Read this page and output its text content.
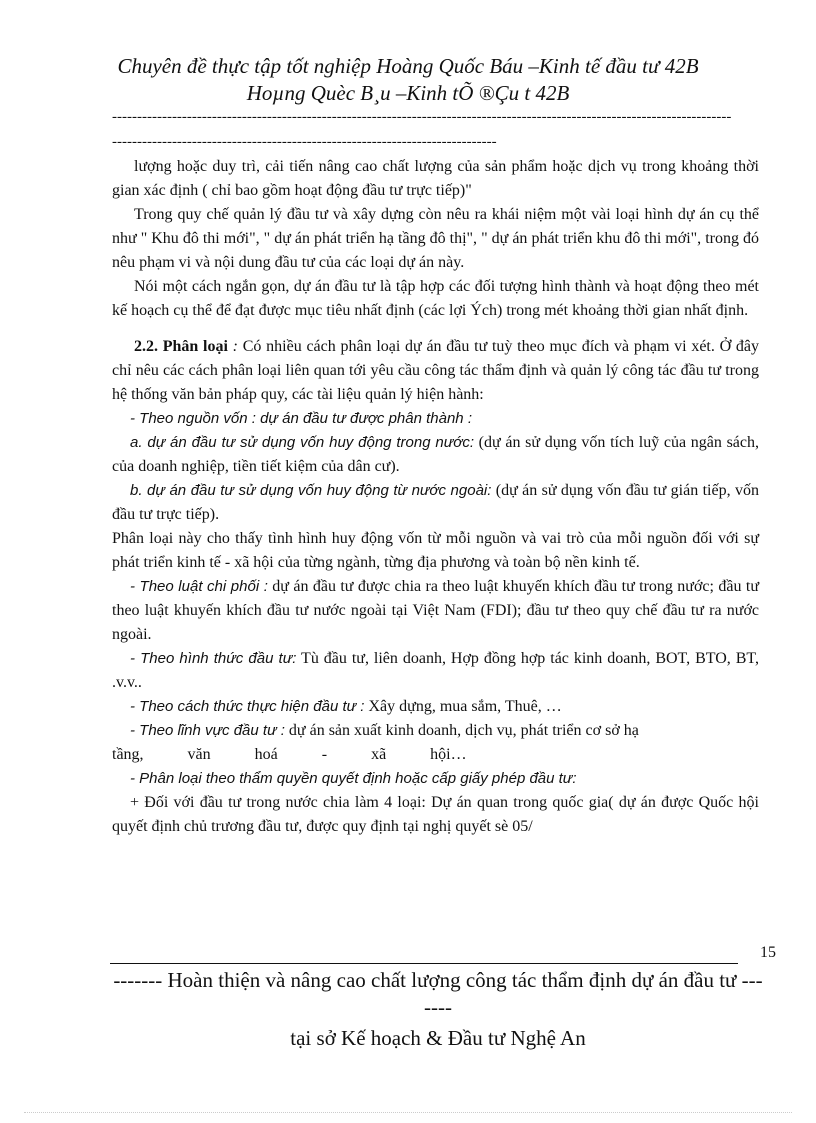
Chuyên đề thực tập tốt nghiệp Hoàng Quốc Báu –Kinh tế đầu tư 42B
Hoµng Quèc B¸u –Kinh tÕ ®Çu t 42B
----------------------------------------------------------------------------------------------------------------------------
-----------------------------------------------------------------------------

lượng hoặc duy trì, cải tiến nâng cao chất lượng của sản phẩm hoặc dịch vụ trong khoảng thời gian xác định ( chỉ bao gồm hoạt động đầu tư trực tiếp)"

Trong quy chế quản lý đầu tư và xây dựng còn nêu ra khái niệm một vài loại hình dự án cụ thể như " Khu đô thi mới", " dự án phát triển hạ tầng đô thị", " dự án phát triển khu đô thi mới", trong đó nêu phạm vi và nội dung đầu tư của các loại dự án này.

Nói một cách ngắn gọn, dự án đầu tư là tập hợp các đối tượng hình thành và hoạt động theo mét kế hoạch cụ thể để đạt được mục tiêu nhất định (các lợi Ých) trong mét khoảng thời gian nhất định.

2.2. Phân loại : Có nhiều cách phân loại dự án đầu tư tuỳ theo mục đích và phạm vi xét. Ở đây chỉ nêu các cách phân loại liên quan tới yêu cầu công tác thẩm định và quản lý công tác đầu tư trong hệ thống văn bản pháp quy, các tài liệu quản lý hiện hành:

- Theo nguồn vốn : dự án đầu tư được phân thành :

a. dự án đầu tư sử dụng vốn huy động trong nước: (dự án sử dụng vốn tích luỹ của ngân sách, của doanh nghiệp, tiền tiết kiệm của dân cư).

b. dự án đầu tư sử dụng vốn huy động từ nước ngoài: (dự án sử dụng vốn đầu tư gián tiếp, vốn đầu tư trực tiếp).

Phân loại này cho thấy tình hình huy động vốn từ mỗi nguồn và vai trò của mỗi nguồn đối với sự phát triển kinh tế - xã hội của từng ngành, từng địa phương và toàn bộ nền kinh tế.

- Theo luật chi phối : dự án đầu tư được chia ra theo luật khuyến khích đầu tư trong nước; đầu tư theo luật khuyến khích đầu tư nước ngoài tại Việt Nam (FDI); đầu tư theo quy chế đầu tư ra nước ngoài.

- Theo hình thức đầu tư: Tù đầu tư, liên doanh, Hợp đồng hợp tác kinh doanh, BOT, BTO, BT, .v.v..

- Theo cách thức thực hiện đầu tư : Xây dựng, mua sắm, Thuê, …

- Theo lĩnh vực đầu tư : dự án sản xuất kinh doanh, dịch vụ, phát triển cơ sở hạ

tầng,           văn           hoá           -           xã           hội…

- Phân loại theo thẩm quyền quyết định hoặc cấp giấy phép đầu tư:

+ Đối với đầu tư trong nước chia làm 4 loại: Dự án quan trong quốc gia( dự án được Quốc hội quyết định chủ trương đầu tư, được quy định tại nghị quyết sè 05/

15
------- Hoàn thiện và nâng cao chất lượng công tác thẩm định dự án đầu tư -------
tại sở Kế hoạch & Đầu tư Nghệ An
